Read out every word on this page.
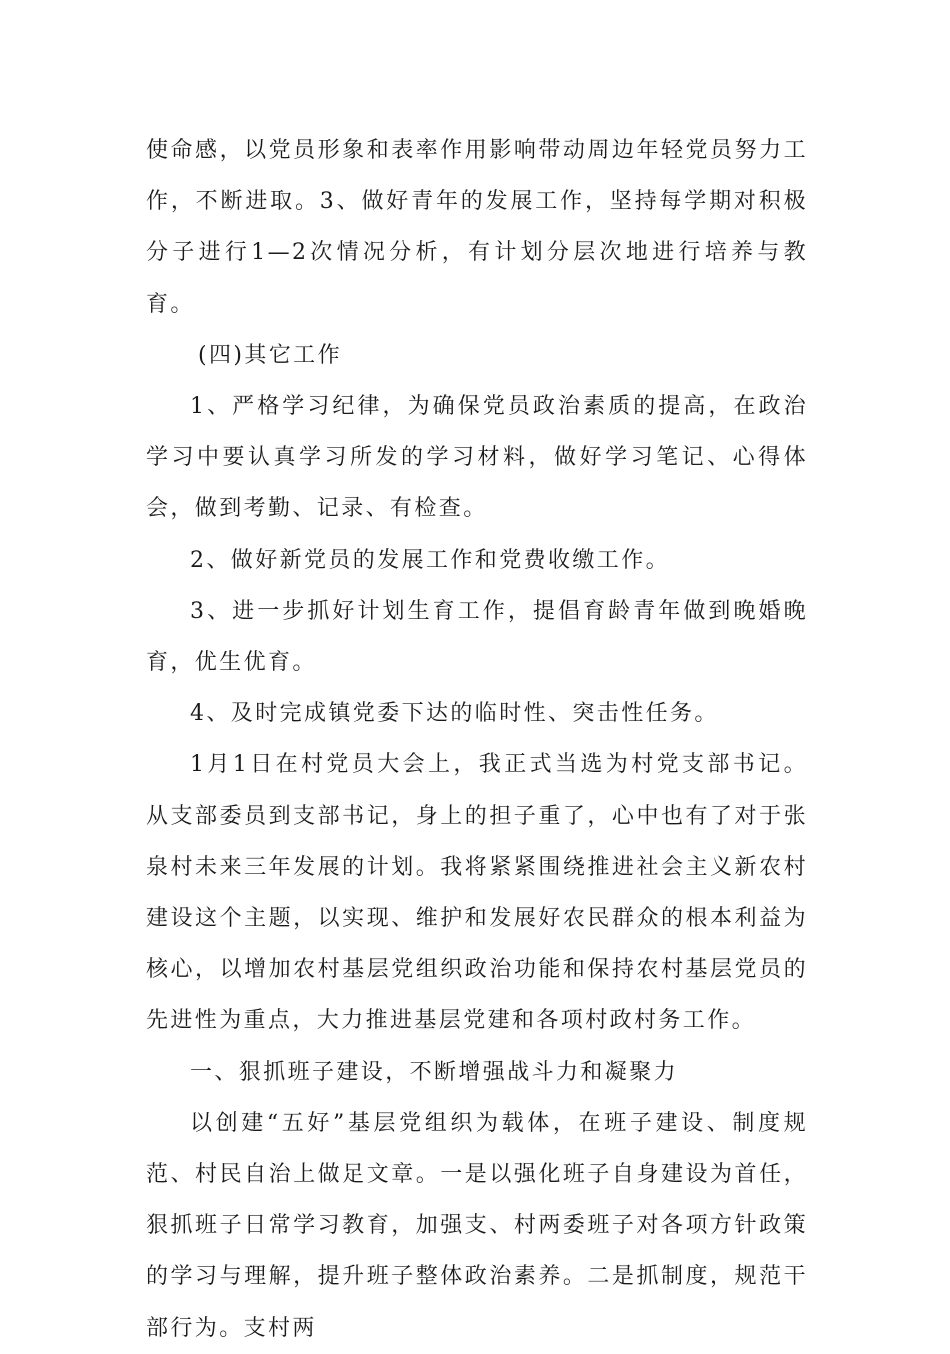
使命感，以党员形象和表率作用影响带动周边年轻党员努力工作，不断进取。3、做好青年的发展工作，坚持每学期对积极分子进行1—2次情况分析，有计划分层次地进行培养与教育。

(四)其它工作

1、严格学习纪律，为确保党员政治素质的提高，在政治学习中要认真学习所发的学习材料，做好学习笔记、心得体会，做到考勤、记录、有检查。

2、做好新党员的发展工作和党费收缴工作。

3、进一步抓好计划生育工作，提倡育龄青年做到晚婚晚育，优生优育。

4、及时完成镇党委下达的临时性、突击性任务。

1月1日在村党员大会上，我正式当选为村党支部书记。从支部委员到支部书记，身上的担子重了，心中也有了对于张泉村未来三年发展的计划。我将紧紧围绕推进社会主义新农村建设这个主题，以实现、维护和发展好农民群众的根本利益为核心，以增加农村基层党组织政治功能和保持农村基层党员的先进性为重点，大力推进基层党建和各项村政村务工作。

一、狠抓班子建设，不断增强战斗力和凝聚力

以创建“五好”基层党组织为载体，在班子建设、制度规范、村民自治上做足文章。一是以强化班子自身建设为首任，狠抓班子日常学习教育，加强支、村两委班子对各项方针政策的学习与理解，提升班子整体政治素养。二是抓制度，规范干部行为。支村两
